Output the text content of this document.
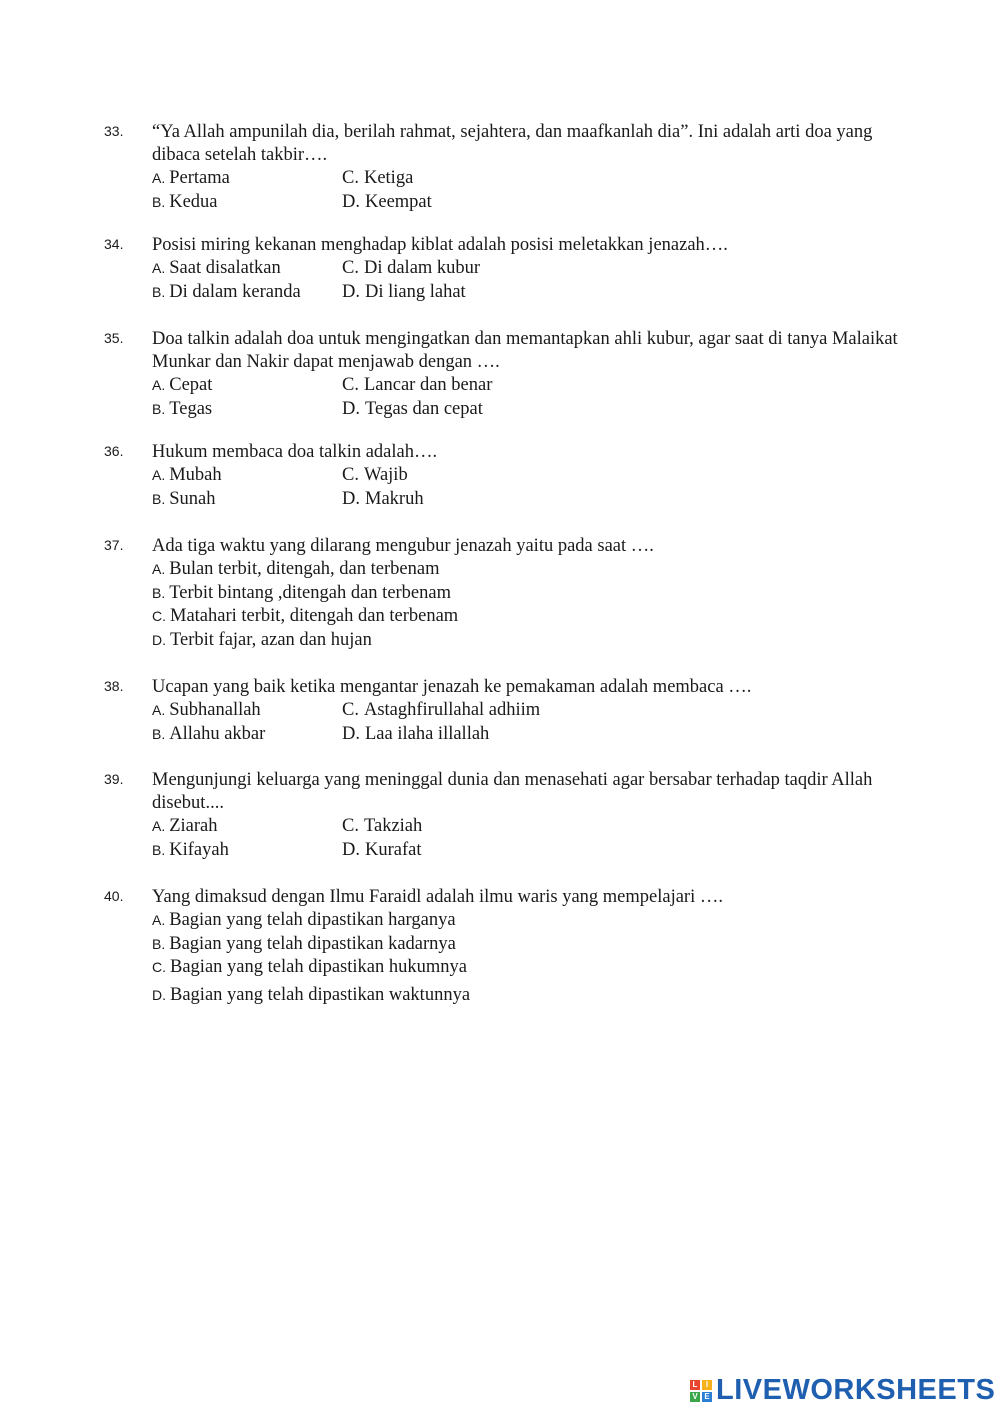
33. “Ya Allah ampunilah dia, berilah rahmat, sejahtera, dan maafkanlah dia”. Ini adalah arti doa yang dibaca setelah takbir….
A. Pertama	C. Ketiga
B. Kedua	D. Keempat
34. Posisi miring kekanan menghadap kiblat adalah posisi meletakkan jenazah….
A. Saat disalatkan	C. Di dalam kubur
B. Di dalam keranda D. Di liang lahat
35. Doa talkin adalah doa untuk mengingatkan dan memantapkan ahli kubur, agar saat di tanya Malaikat Munkar dan Nakir dapat menjawab dengan ….
A. Cepat	C. Lancar dan benar
B. Tegas	D. Tegas dan cepat
36. Hukum membaca doa talkin adalah….
A. Mubah	C. Wajib
B. Sunah	D. Makruh
37. Ada tiga waktu yang dilarang mengubur jenazah yaitu pada saat ….
A. Bulan terbit, ditengah, dan terbenam
B. Terbit bintang ,ditengah dan terbenam
C. Matahari terbit, ditengah dan terbenam
D. Terbit fajar, azan dan hujan
38. Ucapan yang baik ketika mengantar jenazah ke pemakaman adalah membaca ….
A. Subhanallah	C. Astaghfirullahal adhiim
B. Allahu akbar	D. Laa ilaha illallah
39. Mengunjungi keluarga yang meninggal dunia dan menasehati agar bersabar terhadap taqdir Allah disebut....
A. Ziarah	C. Takziah
B. Kifayah	D. Kurafat
40. Yang dimaksud dengan Ilmu Faraidl adalah ilmu waris yang mempelajari ….
A. Bagian yang telah dipastikan harganya
B. Bagian yang telah dipastikan kadarnya
C. Bagian yang telah dipastikan hukumnya
D. Bagian yang telah dipastikan waktunnya
L	I
V E LIVEWORKSHEETS
